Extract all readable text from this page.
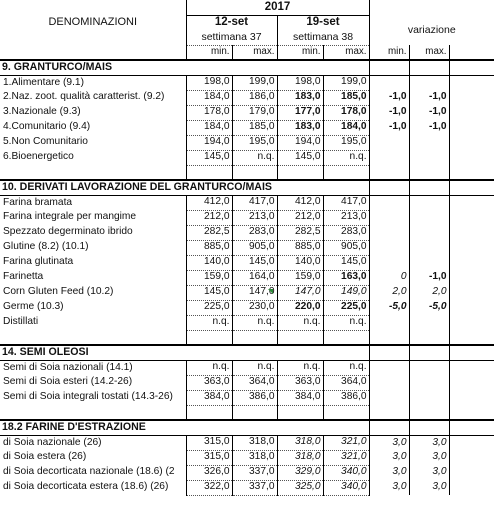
DENOMINAZIONI	2017						
	12-set		19-set		variazione		
	settimana 37		settimana 38				
	min.	max.	min.	max.	min.	max.	
9. GRANTURCO/MAIS							
1.Alimentare (9.1)	198,0	199,0	198,0	199,0			
2.Naz. zoot. qualità caratterist. (9.2)	184,0	186,0	183,0	185,0	-1,0	-1,0	
3.Nazionale (9.3)	178,0	179,0	177,0	178,0	-1,0	-1,0	
4.Comunitario (9.4)	184,0	185,0	183,0	184,0	-1,0	-1,0	
5.Non Comunitario	194,0	195,0	194,0	195,0			
6.Bioenergetico	145,0	n.q.	145,0	n.q.			

10. DERIVATI LAVORAZIONE DEL GRANTURCO/MAIS							
Farina bramata	412,0	417,0	412,0	417,0			
Farina integrale per mangime	212,0	213,0	212,0	213,0			
Spezzato degerminato ibrido	282,5	283,0	282,5	283,0			
Glutine (8.2) (10.1)	885,0	905,0	885,0	905,0			
Farina glutinata	140,0	145,0	140,0	145,0			
Farinetta	159,0	164,0	159,0	163,0	0	-1,0	
Corn Gluten Feed (10.2)	145,0	147,0	147,0	149,0	2,0	2,0	
Germe (10.3)	225,0	230,0	220,0	225,0	-5,0	-5,0	
Distillati	n.q.	n.q.	n.q.	n.q.			

14. SEMI OLEOSI							
Semi di Soia nazionali (14.1)	n.q.	n.q.	n.q.	n.q.			
Semi di Soia esteri (14.2-26)	363,0	364,0	363,0	364,0			
Semi di Soia integrali tostati (14.3-26)	384,0	386,0	384,0	386,0			

18.2 FARINE D'ESTRAZIONE							
di Soia nazionale (26)	315,0	318,0	318,0	321,0	3,0	3,0	
di Soia estera (26)	315,0	318,0	318,0	321,0	3,0	3,0	
di Soia decorticata nazionale (18.6) (2	326,0	337,0	329,0	340,0	3,0	3,0	
di Soia decorticata estera (18.6) (26)	322,0	337,0	325,0	340,0	3,0	3,0	
